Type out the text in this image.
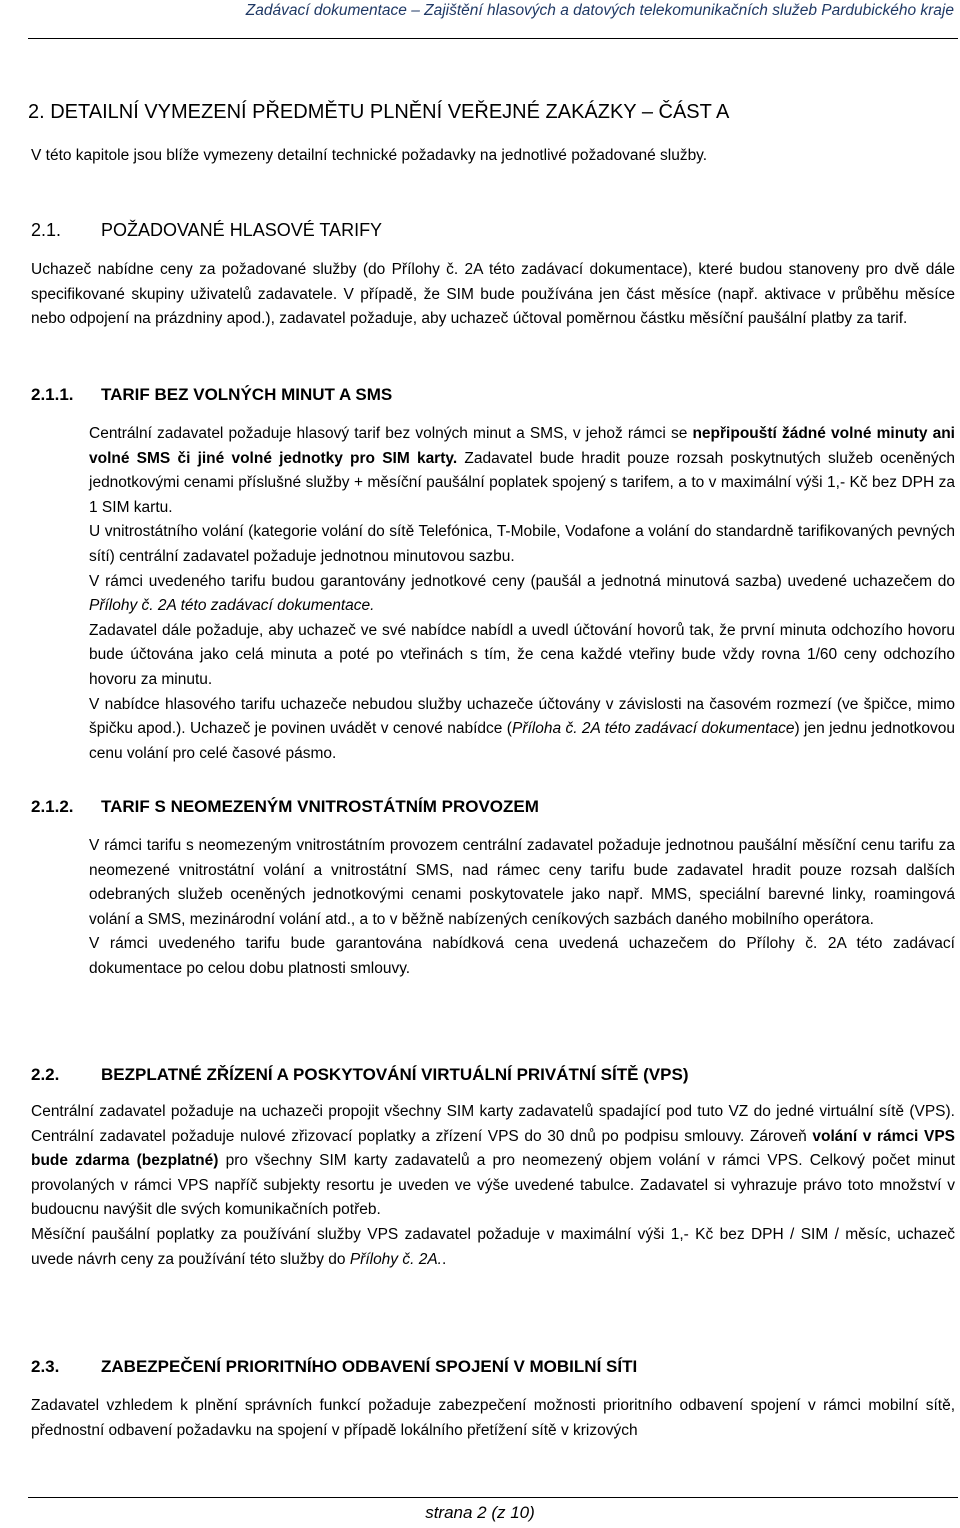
Zadávací dokumentace – Zajištění hlasových a datových telekomunikačních služeb Pardubického kraje
2. DETAILNÍ VYMEZENÍ PŘEDMĚTU PLNĚNÍ VEŘEJNÉ ZAKÁZKY – ČÁST A

V této kapitole jsou blíže vymezeny detailní technické požadavky na jednotlivé požadované služby.

2.1. POŽADOVANÉ HLASOVÉ TARIFY

Uchazeč nabídne ceny za požadované služby (do Přílohy č. 2A této zadávací dokumentace), které budou stanoveny pro dvě dále specifikované skupiny uživatelů zadavatele. V případě, že SIM bude používána jen část měsíce (např. aktivace v průběhu měsíce nebo odpojení na prázdniny apod.), zadavatel požaduje, aby uchazeč účtoval poměrnou částku měsíční paušální platby za tarif.

2.1.1. TARIF BEZ VOLNÝCH MINUT A SMS

Centrální zadavatel požaduje hlasový tarif bez volných minut a SMS, v jehož rámci se nepřipouští žádné volné minuty ani volné SMS či jiné volné jednotky pro SIM karty. Zadavatel bude hradit pouze rozsah poskytnutých služeb oceněných jednotkovými cenami příslušné služby + měsíční paušální poplatek spojený s tarifem, a to v maximální výši 1,- Kč bez DPH za 1 SIM kartu.

U vnitrostátního volání (kategorie volání do sítě Telefónica, T-Mobile, Vodafone a volání do standardně tarifikovaných pevných sítí) centrální zadavatel požaduje jednotnou minutovou sazbu.

V rámci uvedeného tarifu budou garantovány jednotkové ceny (paušál a jednotná minutová sazba) uvedené uchazečem do Přílohy č. 2A této zadávací dokumentace.

Zadavatel dále požaduje, aby uchazeč ve své nabídce nabídl a uvedl účtování hovorů tak, že první minuta odchozího hovoru bude účtována jako celá minuta a poté po vteřinách s tím, že cena každé vteřiny bude vždy rovna 1/60 ceny odchozího hovoru za minutu.

V nabídce hlasového tarifu uchazeče nebudou služby uchazeče účtovány v závislosti na časovém rozmezí (ve špičce, mimo špičku apod.). Uchazeč je povinen uvádět v cenové nabídce (Příloha č. 2A této zadávací dokumentace) jen jednu jednotkovou cenu volání pro celé časové pásmo.

2.1.2. TARIF S NEOMEZENÝM VNITROSTÁTNÍM PROVOZEM

V rámci tarifu s neomezeným vnitrostátním provozem centrální zadavatel požaduje jednotnou paušální měsíční cenu tarifu za neomezené vnitrostátní volání a vnitrostátní SMS, nad rámec ceny tarifu bude zadavatel hradit pouze rozsah dalších odebraných služeb oceněných jednotkovými cenami poskytovatele jako např. MMS, speciální barevné linky, roamingová volání a SMS, mezinárodní volání atd., a to v běžně nabízených ceníkových sazbách daného mobilního operátora.

V rámci uvedeného tarifu bude garantována nabídková cena uvedená uchazečem do Přílohy č. 2A této zadávací dokumentace po celou dobu platnosti smlouvy.

2.2. BEZPLATNÉ ZŘÍZENÍ A POSKYTOVÁNÍ VIRTUÁLNÍ PRIVÁTNÍ SÍTĚ (VPS)

Centrální zadavatel požaduje na uchazeči propojit všechny SIM karty zadavatelů spadající pod tuto VZ do jedné virtuální sítě (VPS). Centrální zadavatel požaduje nulové zřizovací poplatky a zřízení VPS do 30 dnů po podpisu smlouvy. Zároveň volání v rámci VPS bude zdarma (bezplatné) pro všechny SIM karty zadavatelů a pro neomezený objem volání v rámci VPS. Celkový počet minut provolaných v rámci VPS napříč subjekty resortu je uveden ve výše uvedené tabulce. Zadavatel si vyhrazuje právo toto množství v budoucnu navýšit dle svých komunikačních potřeb.

Měsíční paušální poplatky za používání služby VPS zadavatel požaduje v maximální výši 1,- Kč bez DPH / SIM / měsíc, uchazeč uvede návrh ceny za používání této služby do Přílohy č. 2A..

2.3. ZABEZPEČENÍ PRIORITNÍHO ODBAVENÍ SPOJENÍ V MOBILNÍ SÍTI

Zadavatel vzhledem k plnění správních funkcí požaduje zabezpečení možnosti prioritního odbavení spojení v rámci mobilní sítě, přednostní odbavení požadavku na spojení v případě lokálního přetížení sítě v krizových

strana 2 (z 10)
